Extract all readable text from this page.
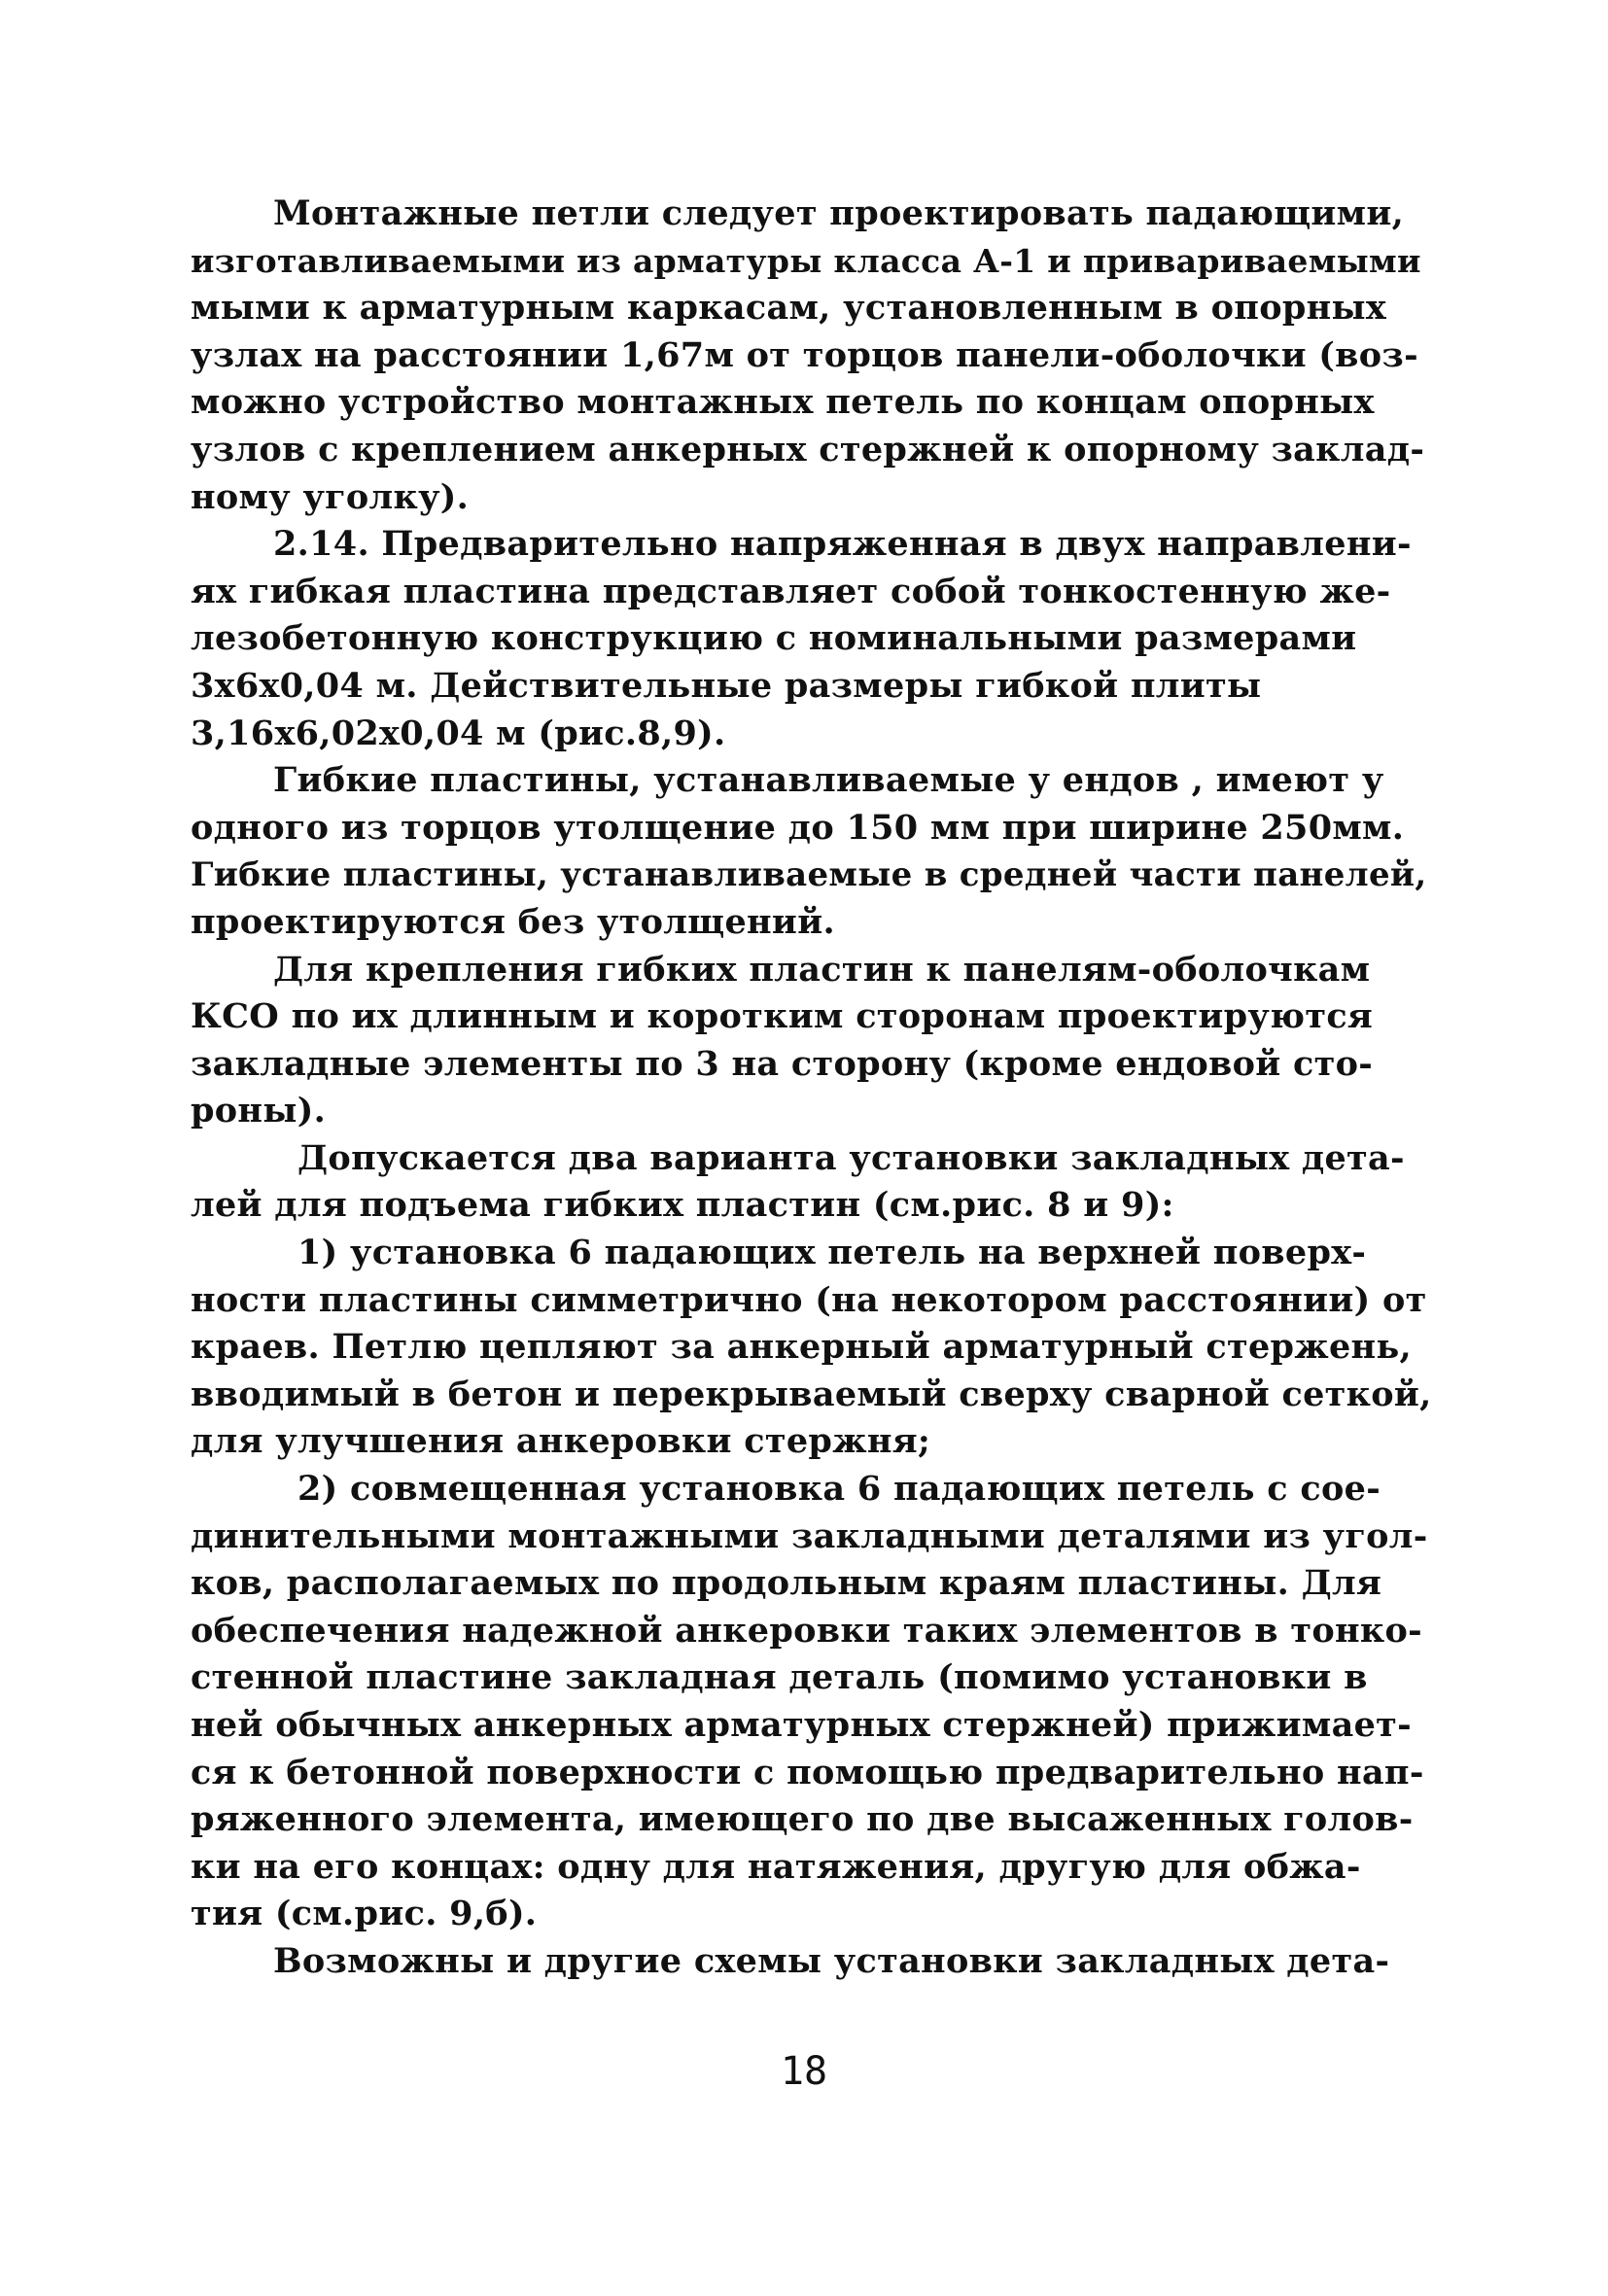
Монтажные петли следует проектировать падающими,
изготавливаемыми из арматуры класса А-1 и привариваемыми
мыми к арматурным каркасам, установленным в опорных
узлах на расстоянии 1,67м от торцов панели-оболочки (воз-
можно устройство монтажных петель по концам опорных
узлов с креплением анкерных стержней к опорному заклад-
ному уголку).
2.14. Предварительно напряженная в двух направлени-
ях гибкая пластина представляет собой тонкостенную же-
лезобетонную конструкцию с номинальными размерами
3х6х0,04 м. Действительные размеры гибкой плиты
3,16х6,02х0,04 м (рис.8,9).
Гибкие пластины, устанавливаемые у ендов , имеют у
одного из торцов утолщение до 150 мм при ширине 250мм.
Гибкие пластины, устанавливаемые в средней части панелей,
проектируются без утолщений.
Для крепления гибких пластин к панелям-оболочкам
КСО по их длинным и коротким сторонам проектируются
закладные элементы по 3 на сторону (кроме ендовой сто-
роны).
Допускается два варианта установки закладных дета-
лей для подъема гибких пластин (см.рис. 8 и 9):
1) установка 6 падающих петель на верхней поверх-
ности пластины симметрично (на некотором расстоянии) от
краев. Петлю цепляют за анкерный арматурный стержень,
вводимый в бетон и перекрываемый сверху сварной сеткой,
для улучшения анкеровки стержня;
2) совмещенная установка 6 падающих петель с сое-
динительными монтажными закладными деталями из угол-
ков, располагаемых по продольным краям пластины. Для
обеспечения надежной анкеровки таких элементов в тонко-
стенной пластине закладная деталь (помимо установки в
ней обычных анкерных арматурных стержней) прижимает-
ся к бетонной поверхности с помощью предварительно нап-
ряженного элемента, имеющего по две высаженных голов-
ки на его концах: одну для натяжения, другую для обжа-
тия (см.рис. 9,б).
Возможны и другие схемы установки закладных дета-
18
